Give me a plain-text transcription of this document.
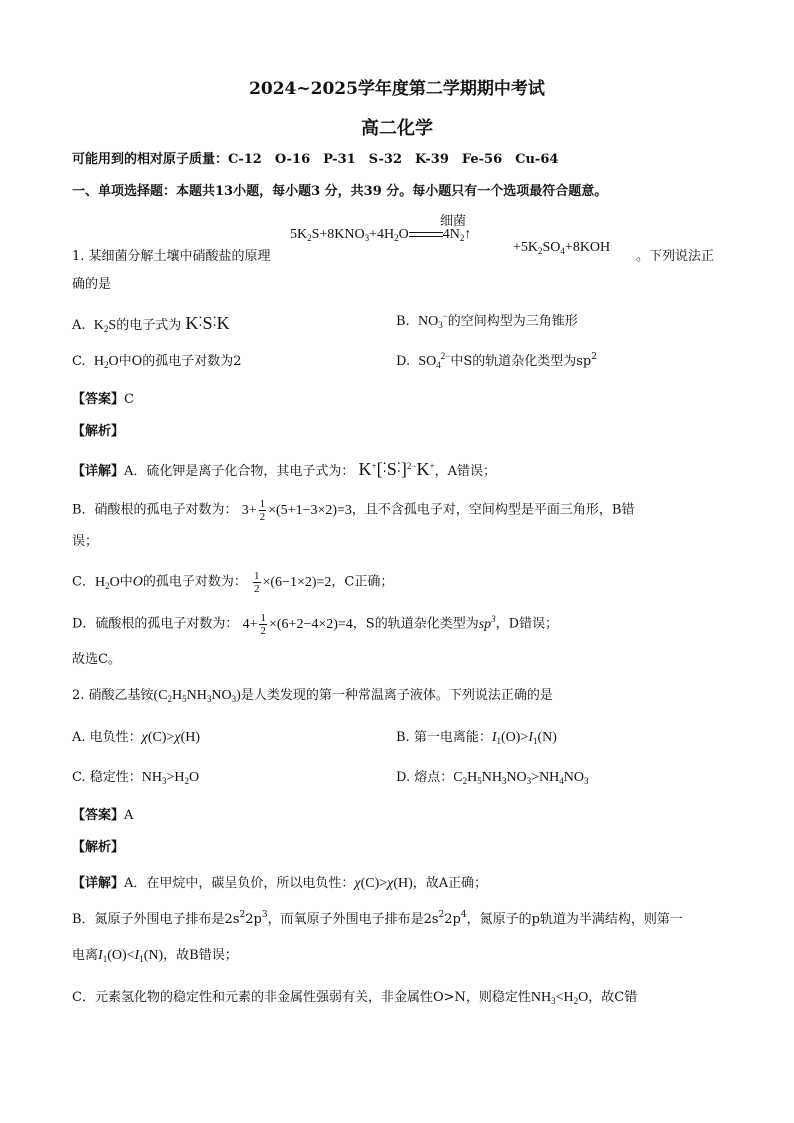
2024~2025学年度第二学期期中考试
高二化学
可能用到的相对原子质量：C-12　O-16　P-31　S-32　K-39　Fe-56　Cu-64
一、单项选择题：本题共13小题，每小题3 分，共39 分。每小题只有一个选项最符合题意。
细菌
$5K_2S+8KNO_3+4H_2O$ $4N_2↑$
1. 某细菌分解土壤中硝酸盐的原理
$+5K_2SO_4+8KOH$
。下列说法正
确的是
A. $K_2S$的电子式为 K⁚S⁚K	B. $NO_3^-$的空间构型为三角锥形
C. $H_2O$中O的孤电子对数为2	D. $SO_4^{2-}$中S的轨道杂化类型为$sp^2$
【答案】C
【解析】
【详解】A．硫化钾是离子化合物，其电子式为： K+[⁚S⁚]$^{2-}$K+，A错误；
B．硝酸根的孤电子对数为： $3+ \frac{1}{2} \times(5+1-3\times 2)=3$，且不含孤电子对，空间构型是平面三角形，B错
误；
C．$H_2O$中O的孤电子对数为： $\frac{1}{2} \times(6-1\times 2)=2$，C正确；
D．硫酸根的孤电子对数为： $4+ \frac{1}{2} \times(6+2-4\times 2)=4$，S的轨道杂化类型为$sp^3$，D错误；
故选C。
2. 硝酸乙基铵$(C_2H_5NH_3NO_3)$是人类发现的第一种常温离子液体。下列说法正确的是
A. 电负性：χ(C)>χ(H)	B. 第一电离能：$I_1(O)>I_1(N)$
C. 稳定性：$NH_3>H_2O$	D. 熔点：$C_2H_5NH_3NO_3>NH_4NO_3$
【答案】A
【解析】
【详解】A．在甲烷中，碳呈负价，所以电负性：χ(C)>χ(H)，故A正确；
B．氮原子外围电子排布是$2s^22p^3$，而氧原子外围电子排布是$2s^22p^4$，氮原子的p轨道为半满结构，则第一
电离$I_1(O)<I_1(N)$，故B错误；
C．元素氢化物的稳定性和元素的非金属性强弱有关，非金属性O>N，则稳定性$NH_3<H_2O$，故C错
